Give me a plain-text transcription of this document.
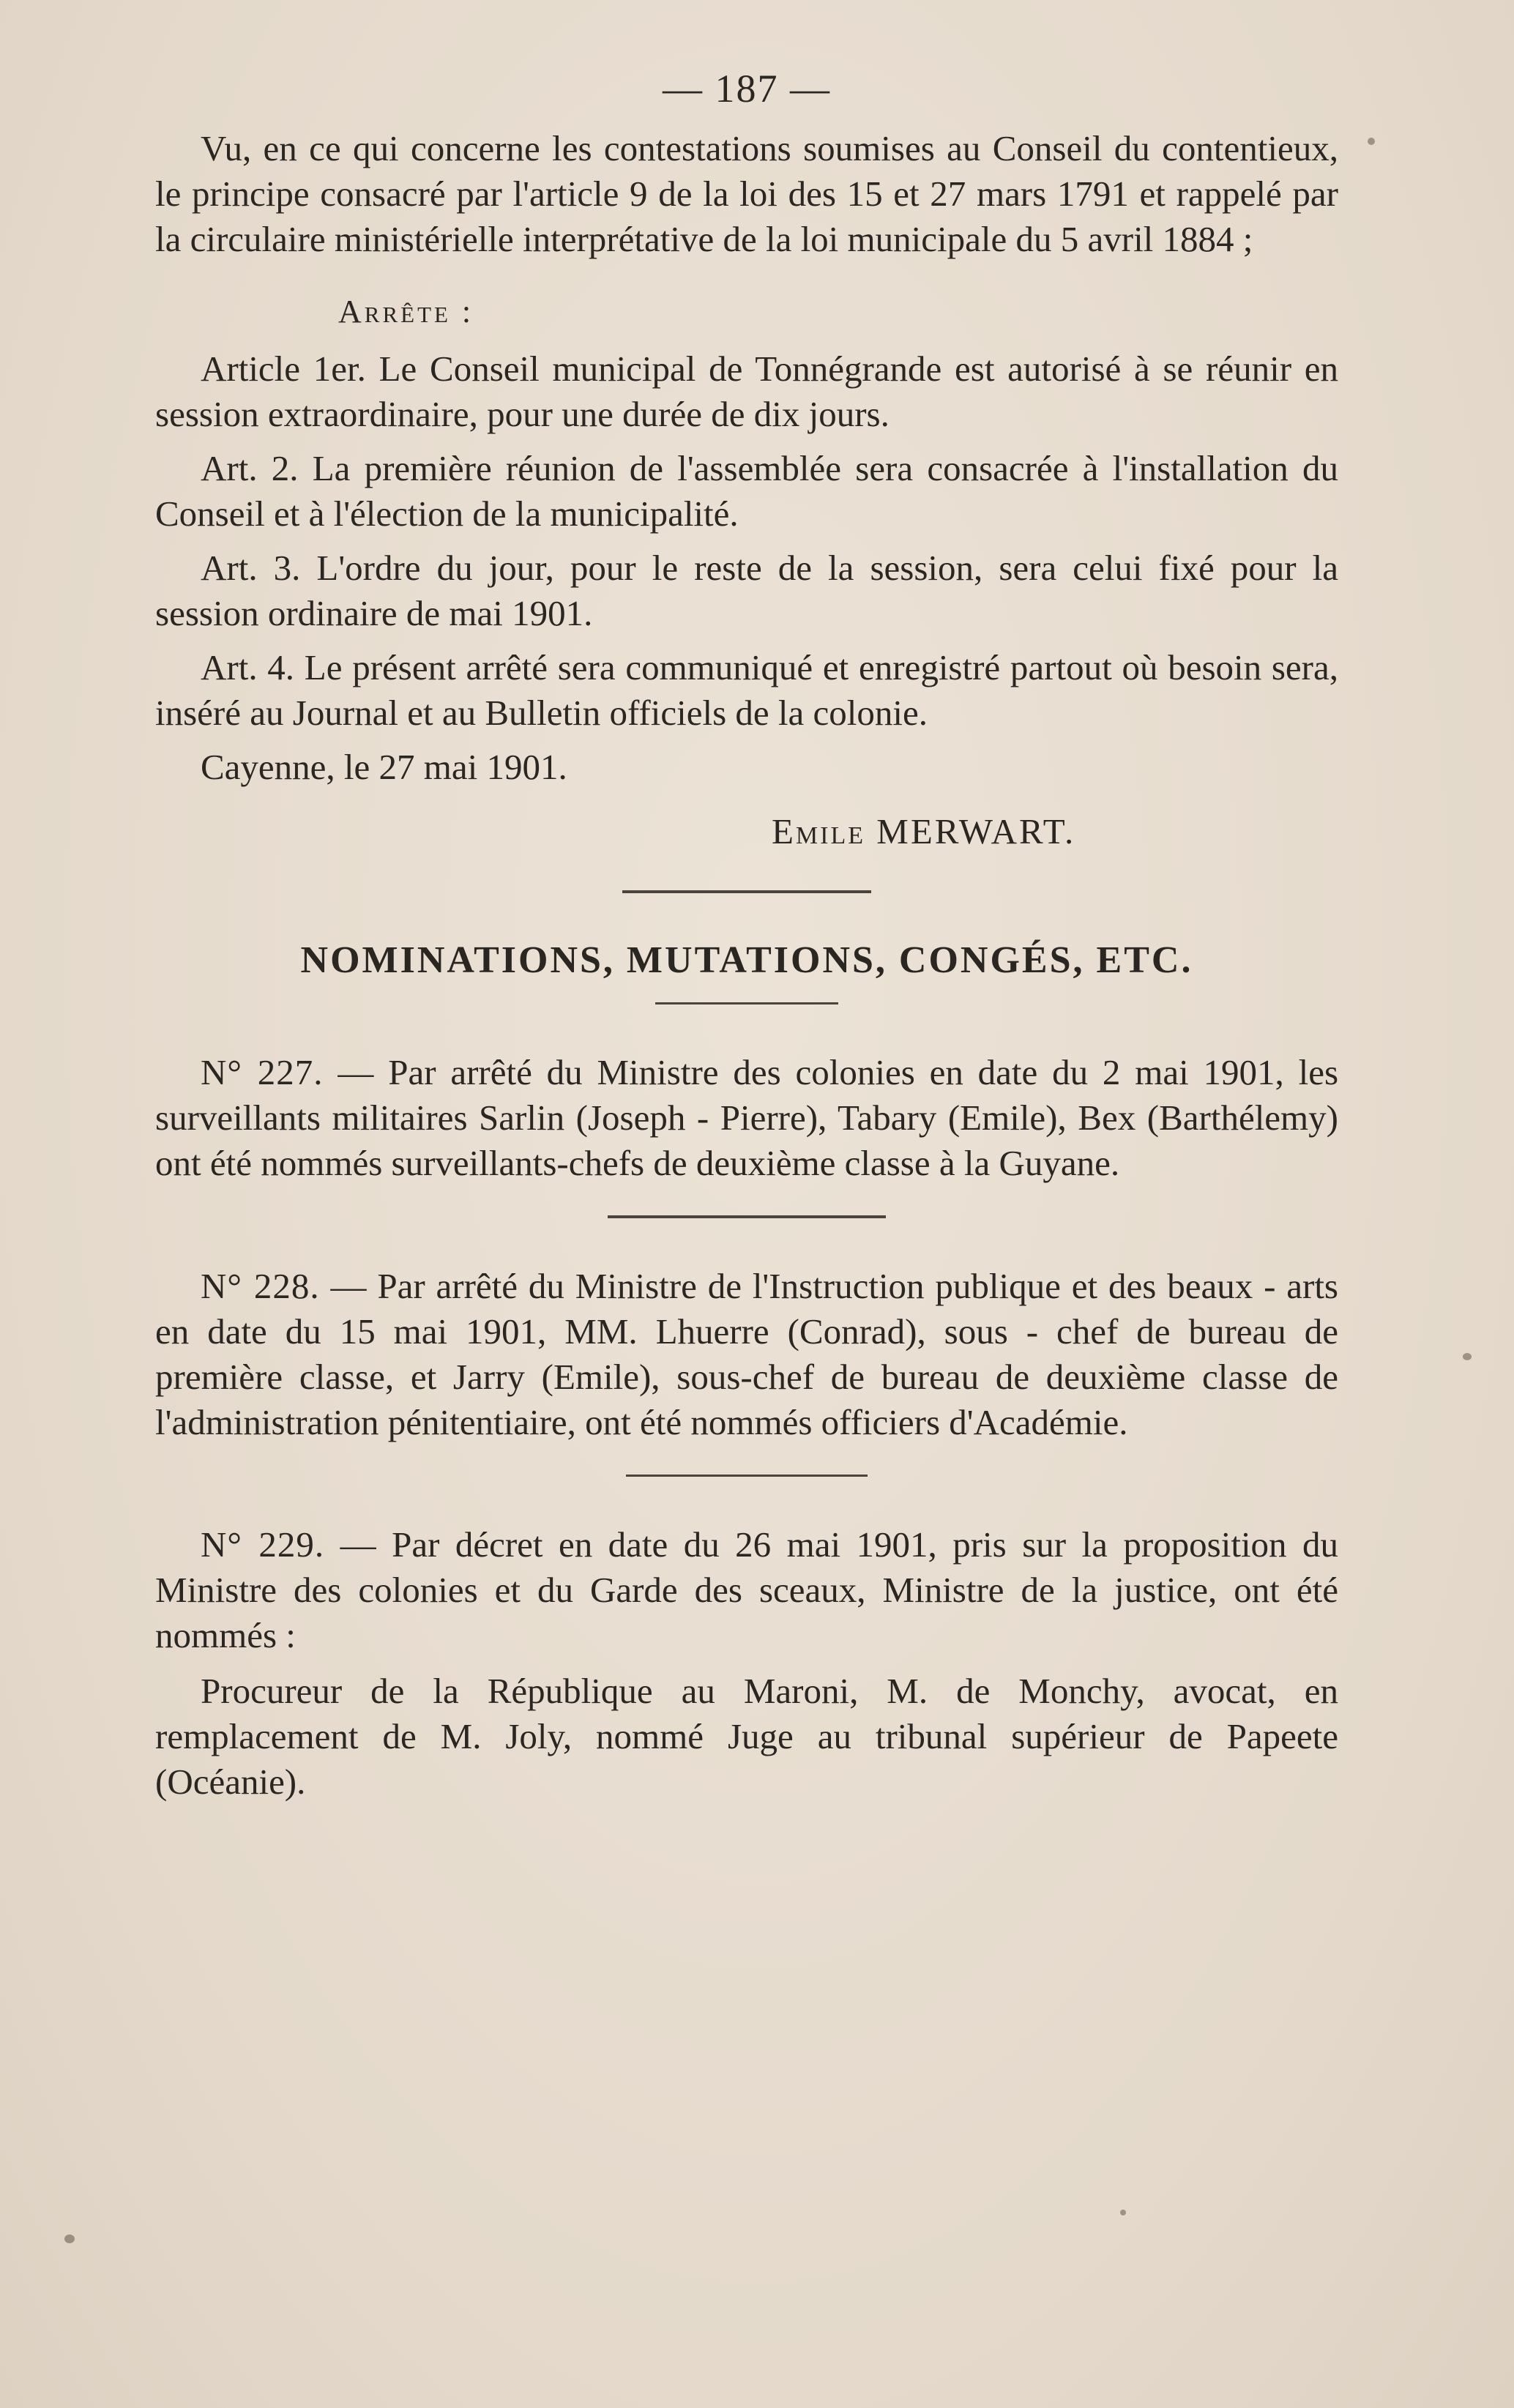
— 187 —

Vu, en ce qui concerne les contestations soumises au Conseil du contentieux, le principe consacré par l'article 9 de la loi des 15 et 27 mars 1791 et rappelé par la circulaire ministérielle interprétative de la loi municipale du 5 avril 1884 ;

Arrête :

Article 1er. Le Conseil municipal de Tonnégrande est autorisé à se réunir en session extraordinaire, pour une durée de dix jours.

Art. 2. La première réunion de l'assemblée sera consacrée à l'installation du Conseil et à l'élection de la municipalité.

Art. 3. L'ordre du jour, pour le reste de la session, sera celui fixé pour la session ordinaire de mai 1901.

Art. 4. Le présent arrêté sera communiqué et enregistré partout où besoin sera, inséré au Journal et au Bulletin officiels de la colonie.

Cayenne, le 27 mai 1901.

Emile MERWART.
NOMINATIONS, MUTATIONS, CONGÉS, ETC.

N° 227. — Par arrêté du Ministre des colonies en date du 2 mai 1901, les surveillants militaires Sarlin (Joseph - Pierre), Tabary (Emile), Bex (Barthélemy) ont été nommés surveillants-chefs de deuxième classe à la Guyane.

N° 228. — Par arrêté du Ministre de l'Instruction publique et des beaux - arts en date du 15 mai 1901, MM. Lhuerre (Conrad), sous - chef de bureau de première classe, et Jarry (Emile), sous-chef de bureau de deuxième classe de l'administration pénitentiaire, ont été nommés officiers d'Académie.

N° 229. — Par décret en date du 26 mai 1901, pris sur la proposition du Ministre des colonies et du Garde des sceaux, Ministre de la justice, ont été nommés :

Procureur de la République au Maroni, M. de Monchy, avocat, en remplacement de M. Joly, nommé Juge au tribunal supérieur de Papeete (Océanie).
